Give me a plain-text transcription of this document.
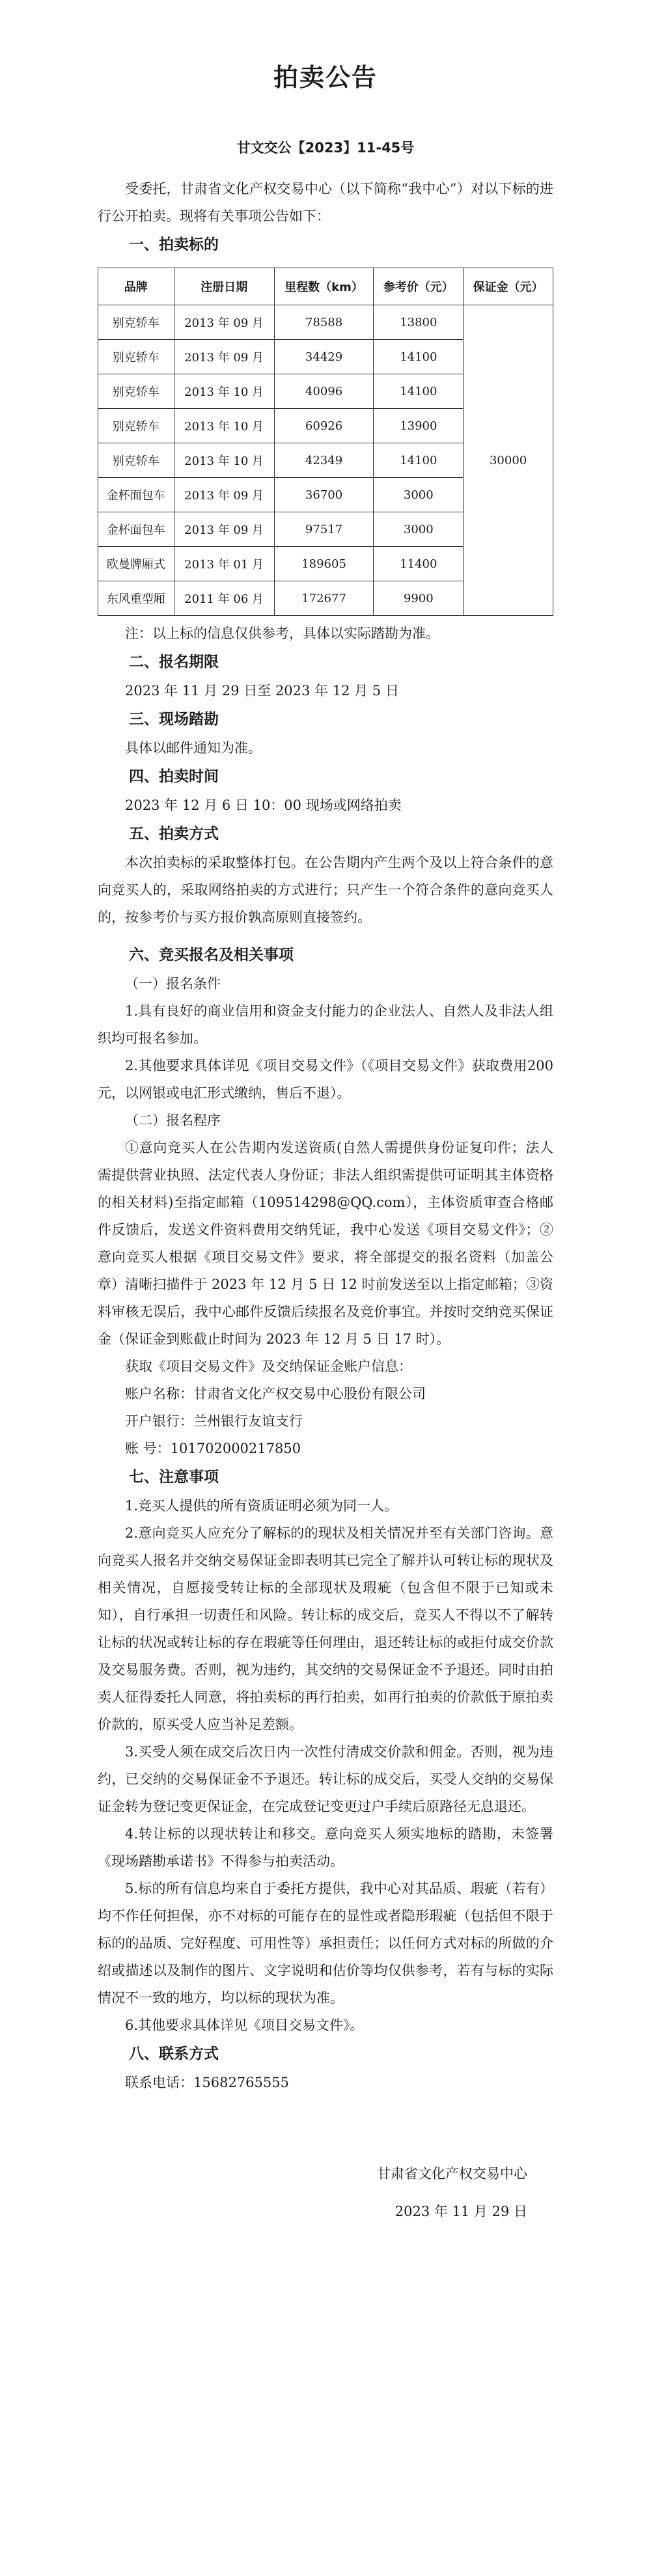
拍卖公告
甘文交公【2023】11-45号

受委托，甘肃省文化产权交易中心（以下简称“我中心”）对以下标的进行公开拍卖。现将有关事项公告如下：

一、拍卖标的
品牌	注册日期	里程数（km）	参考价（元）	保证金（元）
别克轿车	2013 年 09 月	78588	13800	30000
别克轿车	2013 年 09 月	34429	14100	
别克轿车	2013 年 10 月	40096	14100	
别克轿车	2013 年 10 月	60926	13900	
别克轿车	2013 年 10 月	42349	14100	
金杯面包车	2013 年 09 月	36700	3000	
金杯面包车	2013 年 09 月	97517	3000	
欧曼牌厢式	2013 年 01 月	189605	11400	
东风重型厢	2011 年 06 月	172677	9900	

注：以上标的信息仅供参考，具体以实际踏勘为准。

二、报名期限

2023 年 11 月 29 日至 2023 年 12 月 5 日

三、现场踏勘

具体以邮件通知为准。

四、拍卖时间

2023 年 12 月 6 日 10：00 现场或网络拍卖

五、拍卖方式

本次拍卖标的采取整体打包。在公告期内产生两个及以上符合条件的意向竞买人的，采取网络拍卖的方式进行；只产生一个符合条件的意向竞买人的，按参考价与买方报价孰高原则直接签约。

六、竞买报名及相关事项
（一）报名条件

1.具有良好的商业信用和资金支付能力的企业法人、自然人及非法人组织均可报名参加。

2.其他要求具体详见《项目交易文件》（《项目交易文件》获取费用200元，以网银或电汇形式缴纳，售后不退）。

（二）报名程序

①意向竞买人在公告期内发送资质(自然人需提供身份证复印件；法人需提供营业执照、法定代表人身份证；非法人组织需提供可证明其主体资格的相关材料)至指定邮箱（109514298@QQ.com），主体资质审查合格邮件反馈后，发送文件资料费用交纳凭证，我中心发送《项目交易文件》；②意向竞买人根据《项目交易文件》要求，将全部提交的报名资料（加盖公章）清晰扫描件于 2023 年 12 月 5 日 12 时前发送至以上指定邮箱；③资料审核无误后，我中心邮件反馈后续报名及竞价事宜。并按时交纳竞买保证金（保证金到账截止时间为 2023 年 12 月 5 日 17 时）。

获取《项目交易文件》及交纳保证金账户信息：

账户名称：甘肃省文化产权交易中心股份有限公司

开户银行：兰州银行友谊支行

账 号：101702000217850

七、注意事项

1.竞买人提供的所有资质证明必须为同一人。

2.意向竞买人应充分了解标的的现状及相关情况并至有关部门咨询。意向竞买人报名并交纳交易保证金即表明其已完全了解并认可转让标的现状及相关情况，自愿接受转让标的全部现状及瑕疵（包含但不限于已知或未知），自行承担一切责任和风险。转让标的成交后，竞买人不得以不了解转让标的状况或转让标的存在瑕疵等任何理由，退还转让标的或拒付成交价款及交易服务费。否则，视为违约，其交纳的交易保证金不予退还。同时由拍卖人征得委托人同意，将拍卖标的再行拍卖，如再行拍卖的价款低于原拍卖价款的，原买受人应当补足差额。

3.买受人须在成交后次日内一次性付清成交价款和佣金。否则，视为违约，已交纳的交易保证金不予退还。转让标的成交后，买受人交纳的交易保证金转为登记变更保证金，在完成登记变更过户手续后原路径无息退还。

4.转让标的以现状转让和移交。意向竞买人须实地标的踏勘，未签署《现场踏勘承诺书》不得参与拍卖活动。

5.标的所有信息均来自于委托方提供，我中心对其品质、瑕疵（若有）均不作任何担保，亦不对标的可能存在的显性或者隐形瑕疵（包括但不限于标的的品质、完好程度、可用性等）承担责任；以任何方式对标的所做的介绍或描述以及制作的图片、文字说明和估价等均仅供参考，若有与标的实际情况不一致的地方，均以标的现状为准。

6.其他要求具体详见《项目交易文件》。

八、联系方式

联系电话：15682765555

甘肃省文化产权交易中心

2023 年 11 月 29 日
